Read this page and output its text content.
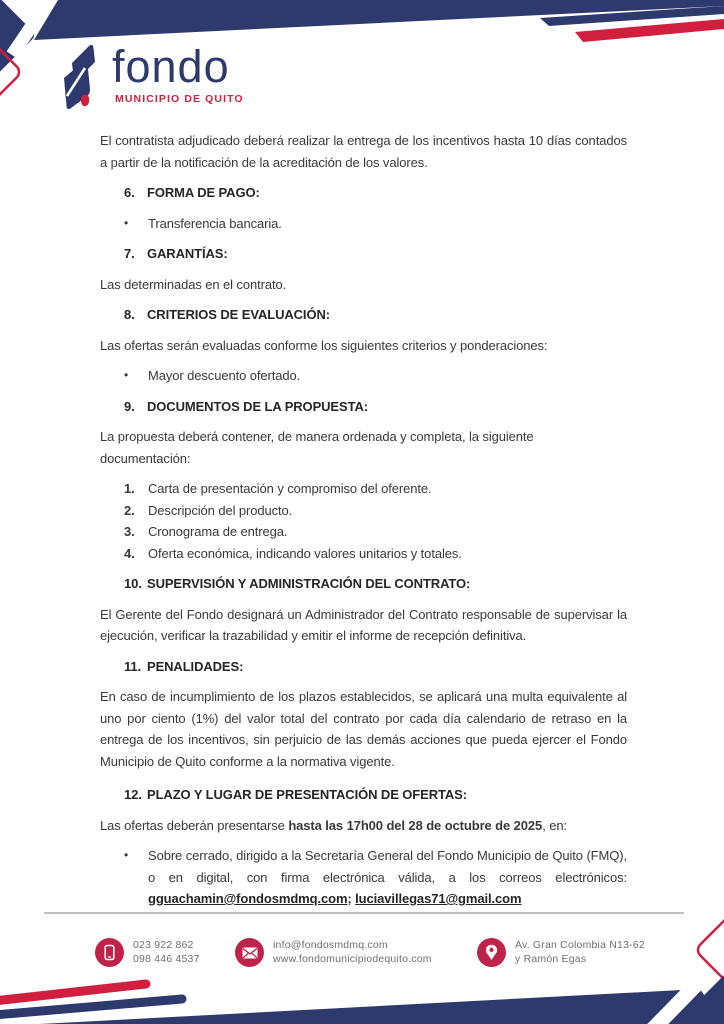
fondo
MUNICIPIO DE QUITO

El contratista adjudicado deberá realizar la entrega de los incentivos hasta 10 días contados a partir de la notificación de la acreditación de los valores.

6. FORMA DE PAGO:
•	Transferencia bancaria.
7. GARANTÍAS:

Las determinadas en el contrato.

8. CRITERIOS DE EVALUACIÓN:

Las ofertas serán evaluadas conforme los siguientes criterios y ponderaciones:

•	Mayor descuento ofertado.
9. DOCUMENTOS DE LA PROPUESTA:

La propuesta deberá contener, de manera ordenada y completa, la siguiente documentación:

1.	Carta de presentación y compromiso del oferente.
2.	Descripción del producto.
3.	Cronograma de entrega.
4.	Oferta económica, indicando valores unitarios y totales.
10. SUPERVISIÓN Y ADMINISTRACIÓN DEL CONTRATO:

El Gerente del Fondo designará un Administrador del Contrato responsable de supervisar la ejecución, verificar la trazabilidad y emitir el informe de recepción definitiva.

11. PENALIDADES:

En caso de incumplimiento de los plazos establecidos, se aplicará una multa equivalente al uno por ciento (1%) del valor total del contrato por cada día calendario de retraso en la entrega de los incentivos, sin perjuicio de las demás acciones que pueda ejercer el Fondo Municipio de Quito conforme a la normativa vigente.

12. PLAZO Y LUGAR DE PRESENTACIÓN DE OFERTAS:

Las ofertas deberán presentarse hasta las 17h00 del 28 de octubre de 2025, en:

•	Sobre cerrado, dirigido a la Secretaría General del Fondo Municipio de Quito (FMQ), o en digital, con firma electrónica válida, a los correos electrónicos: gguachamin@fondosmdmq.com; luciavillegas71@gmail.com
023 922 862
098 446 4537
info@fondosmdmq.com
www.fondomunicipiodequito.com
Av. Gran Colombia N13-62
y Ramón Egas
